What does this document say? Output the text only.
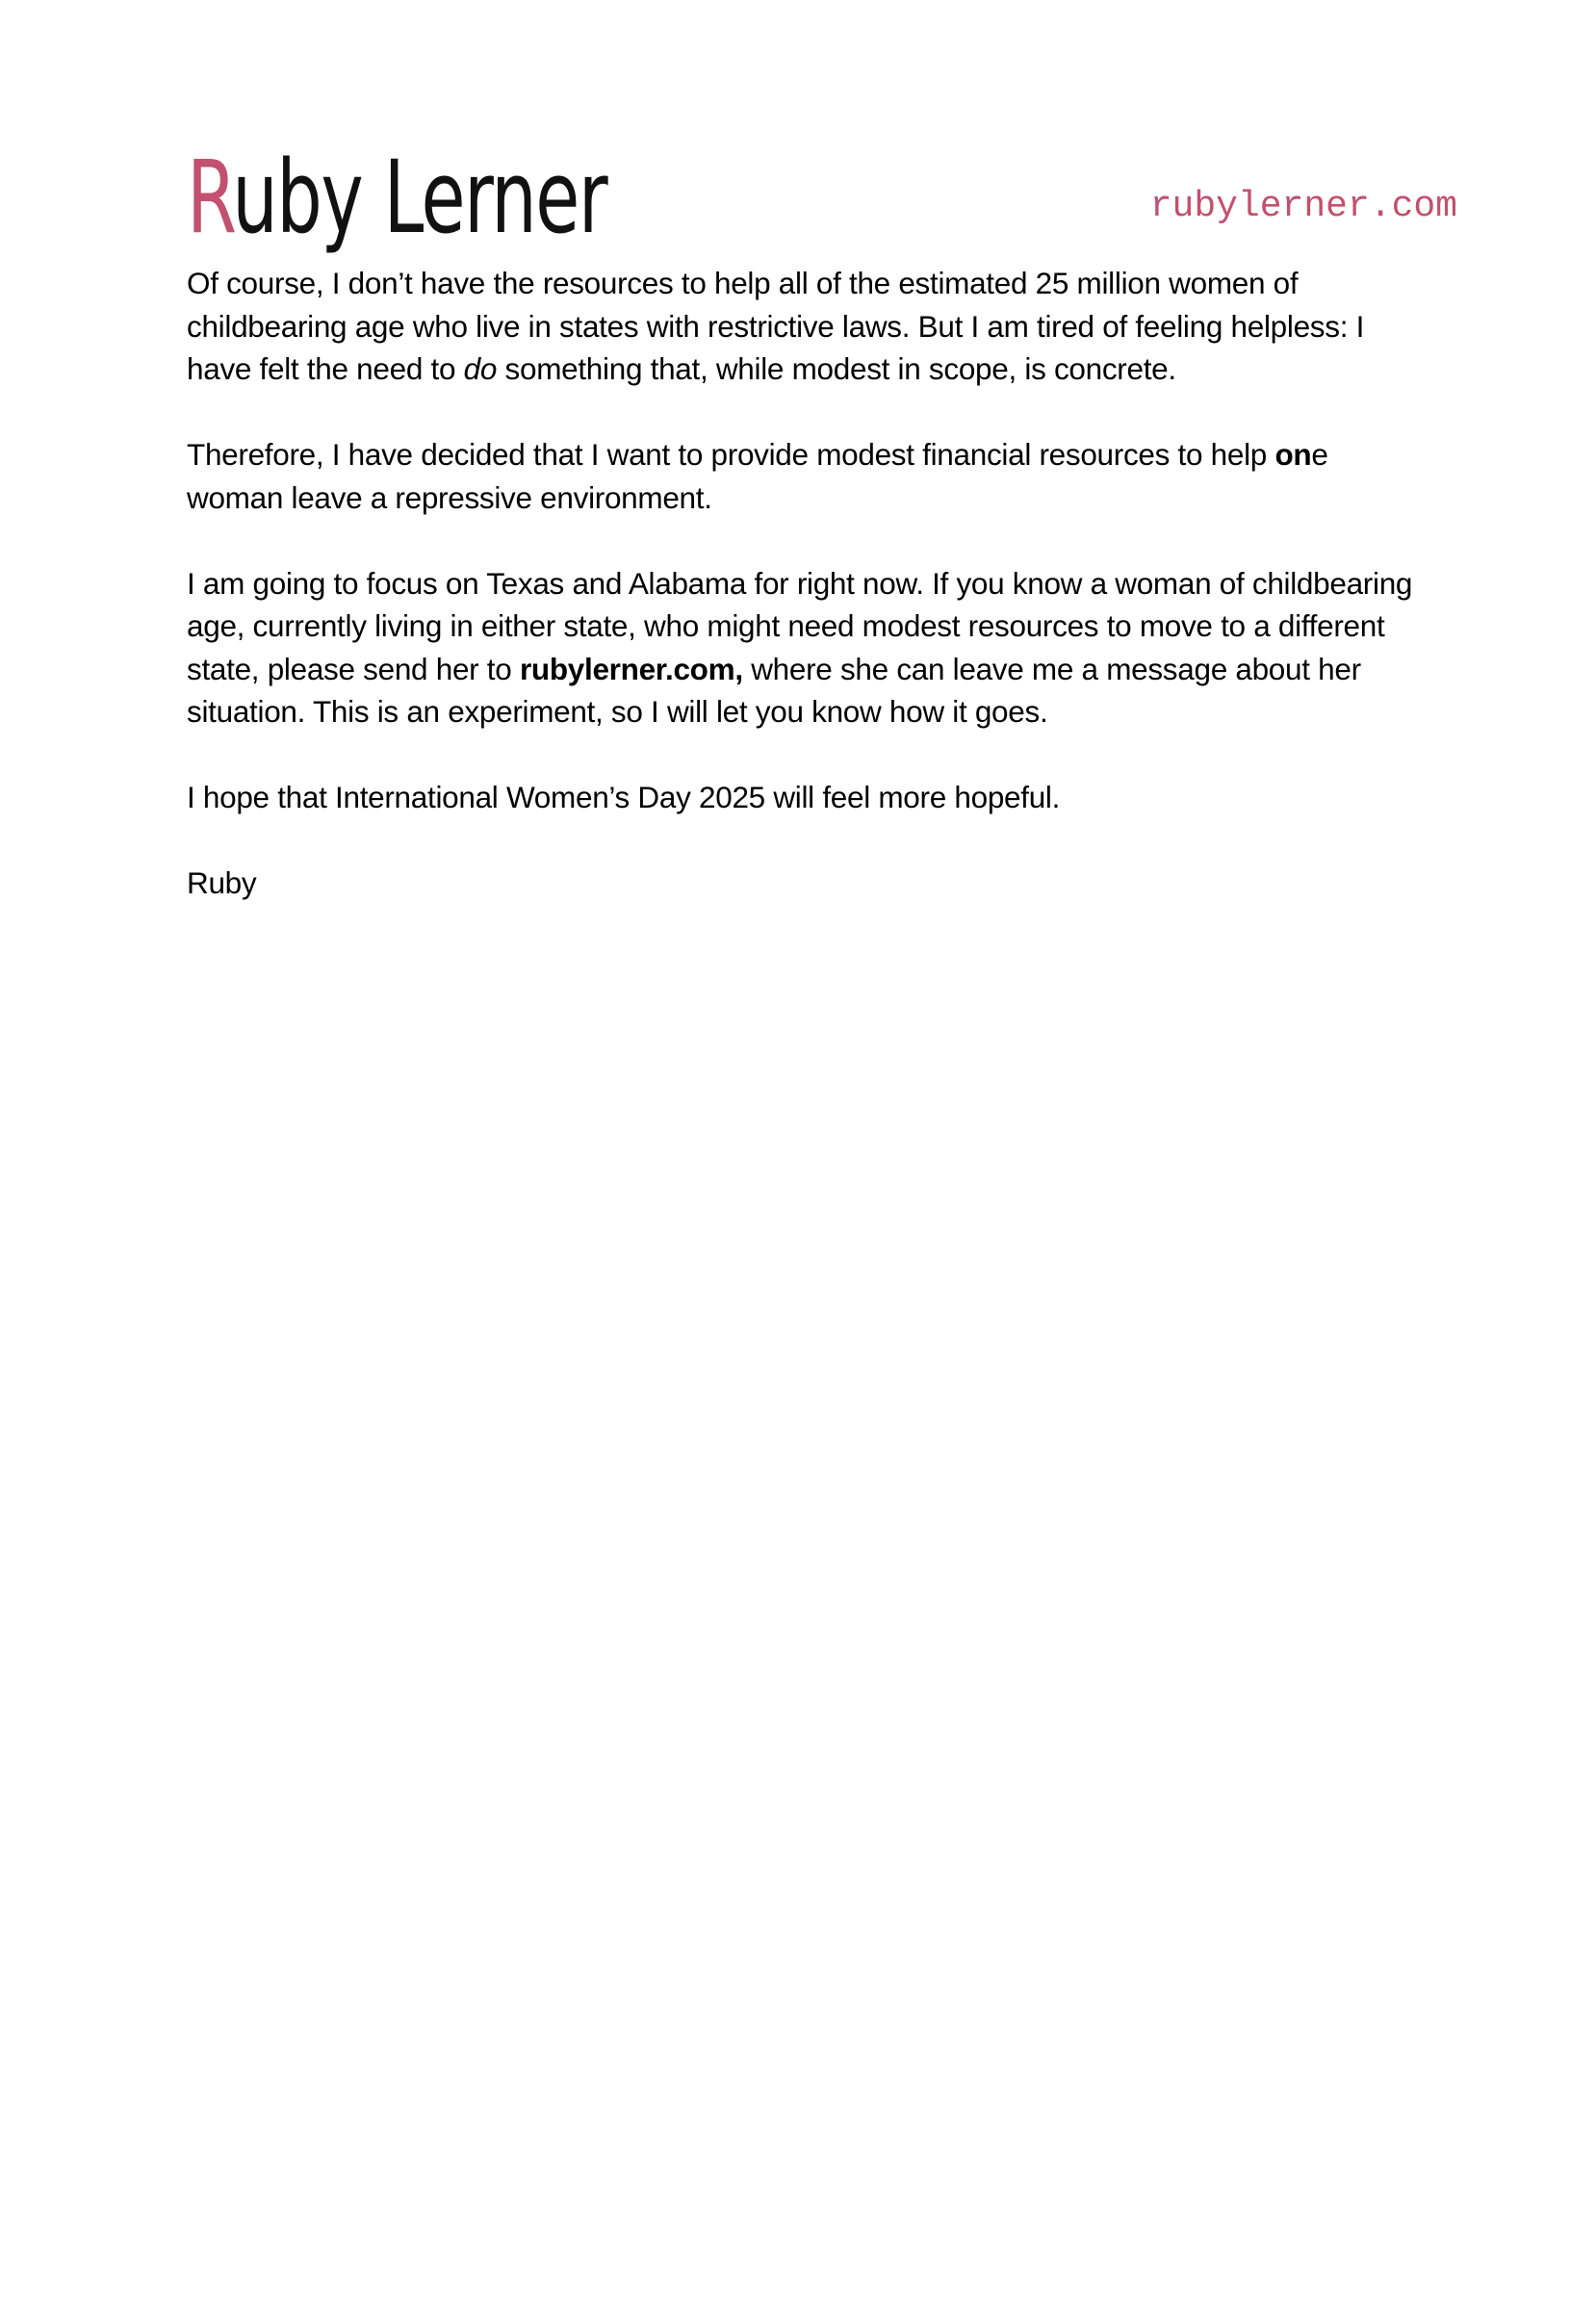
Ruby Lerner	rubylerner.com

Of course, I don’t have the resources to help all of the estimated 25 million women of childbearing age who live in states with restrictive laws. But I am tired of feeling helpless: I have felt the need to do something that, while modest in scope, is concrete.

Therefore, I have decided that I want to provide modest financial resources to help one woman leave a repressive environment.

I am going to focus on Texas and Alabama for right now. If you know a woman of childbearing age, currently living in either state, who might need modest resources to move to a different state, please send her to rubylerner.com, where she can leave me a message about her situation. This is an experiment, so I will let you know how it goes.

I hope that International Women’s Day 2025 will feel more hopeful.

Ruby
